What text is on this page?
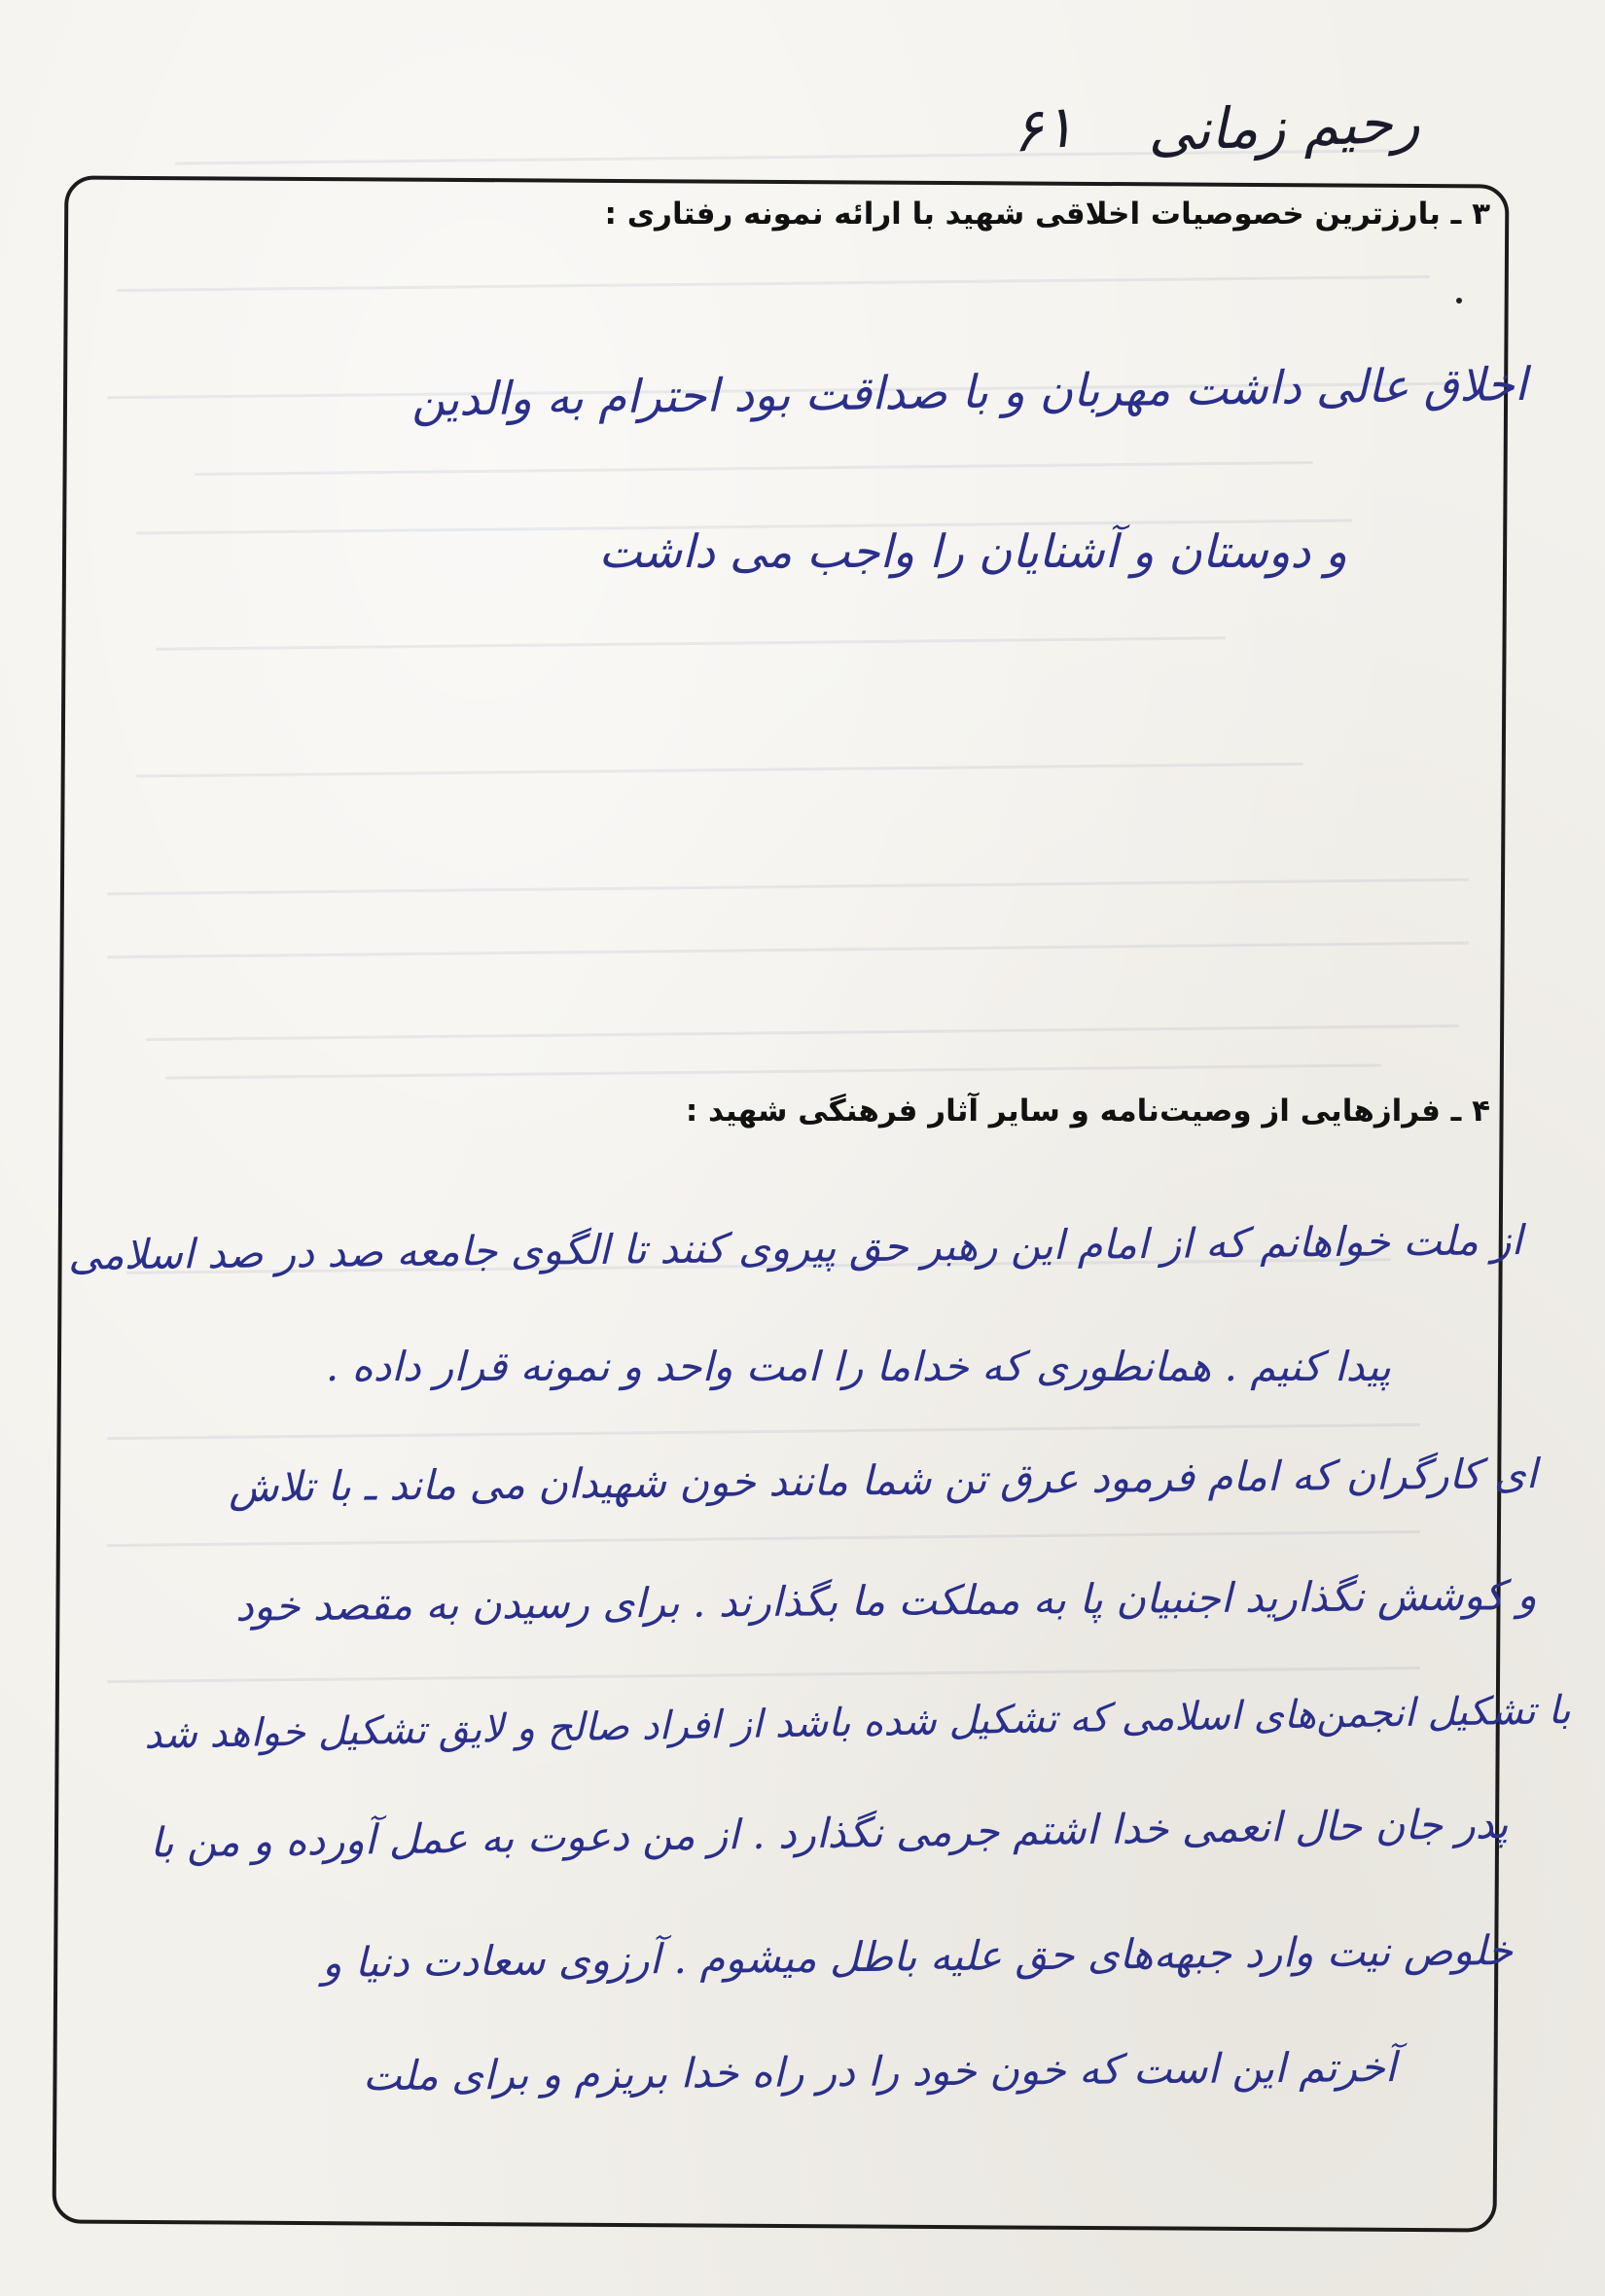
رحیم زمانی
۶۱
۳ ـ بارزترین خصوصیات اخلاقی شهید با ارائه نمونه رفتاری :
اخلاق عالی داشت مهربان و با صداقت بود احترام به والدین
و دوستان و آشنایان را واجب می داشت
۴ ـ فرازهایی از وصیت‌نامه و سایر آثار فرهنگی شهید :
از ملت خواهانم که از امام این رهبر حق پیروی کنند تا الگوی جامعه صد در صد اسلامی
پیدا کنیم . همانطوری که خداما را امت واحد و نمونه قرار داده .
ای کارگران که امام فرمود عرق تن شما مانند خون شهیدان می ماند ـ با تلاش
و کوشش نگذارید اجنبیان پا به مملکت ما بگذارند . برای رسیدن به مقصد خود
با تشکیل انجمن‌های اسلامی که تشکیل شده باشد از افراد صالح و لایق تشکیل خواهد شد
پدر جان حال انعمی خدا اشتم جرمی نگذارد . از من دعوت به عمل آورده و من با
خلوص نیت وارد جبهه‌های حق علیه باطل میشوم . آرزوی سعادت دنیا و
آخرتم این است که خون خود را در راه خدا بریزم و برای ملت
